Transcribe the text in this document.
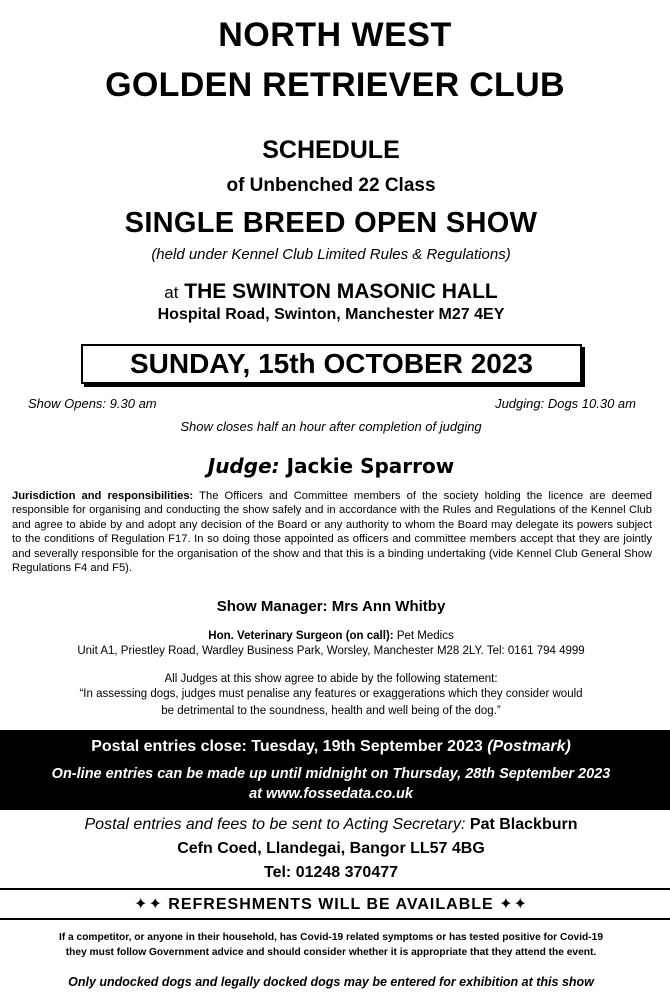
NORTH WEST
GOLDEN RETRIEVER CLUB
SCHEDULE
of Unbenched 22 Class
SINGLE BREED OPEN SHOW
(held under Kennel Club Limited Rules & Regulations)
at THE SWINTON MASONIC HALL
Hospital Road, Swinton, Manchester M27 4EY
SUNDAY, 15th OCTOBER 2023
Show Opens: 9.30 am	Judging: Dogs 10.30 am
Show closes half an hour after completion of judging
Judge: Jackie Sparrow
Jurisdiction and responsibilities: The Officers and Committee members of the society holding the licence are deemed responsible for organising and conducting the show safely and in accordance with the Rules and Regulations of the Kennel Club and agree to abide by and adopt any decision of the Board or any authority to whom the Board may delegate its powers subject to the conditions of Regulation F17. In so doing those appointed as officers and committee members accept that they are jointly and severally responsible for the organisation of the show and that this is a binding undertaking (vide Kennel Club General Show Regulations F4 and F5).
Show Manager: Mrs Ann Whitby
Hon. Veterinary Surgeon (on call): Pet Medics
Unit A1, Priestley Road, Wardley Business Park, Worsley, Manchester M28 2LY. Tel: 0161 794 4999
All Judges at this show agree to abide by the following statement:
“In assessing dogs, judges must penalise any features or exaggerations which they consider would
be detrimental to the soundness, health and well being of the dog.”
Postal entries close: Tuesday, 19th September 2023 (Postmark)
On-line entries can be made up until midnight on Thursday, 28th September 2023
at www.fossedata.co.uk
Postal entries and fees to be sent to Acting Secretary: Pat Blackburn
Cefn Coed, Llandegai, Bangor LL57 4BG
Tel: 01248 370477
✦✦ REFRESHMENTS WILL BE AVAILABLE ✦✦
If a competitor, or anyone in their household, has Covid-19 related symptoms or has tested positive for Covid-19
they must follow Government advice and should consider whether it is appropriate that they attend the event.
Only undocked dogs and legally docked dogs may be entered for exhibition at this show
